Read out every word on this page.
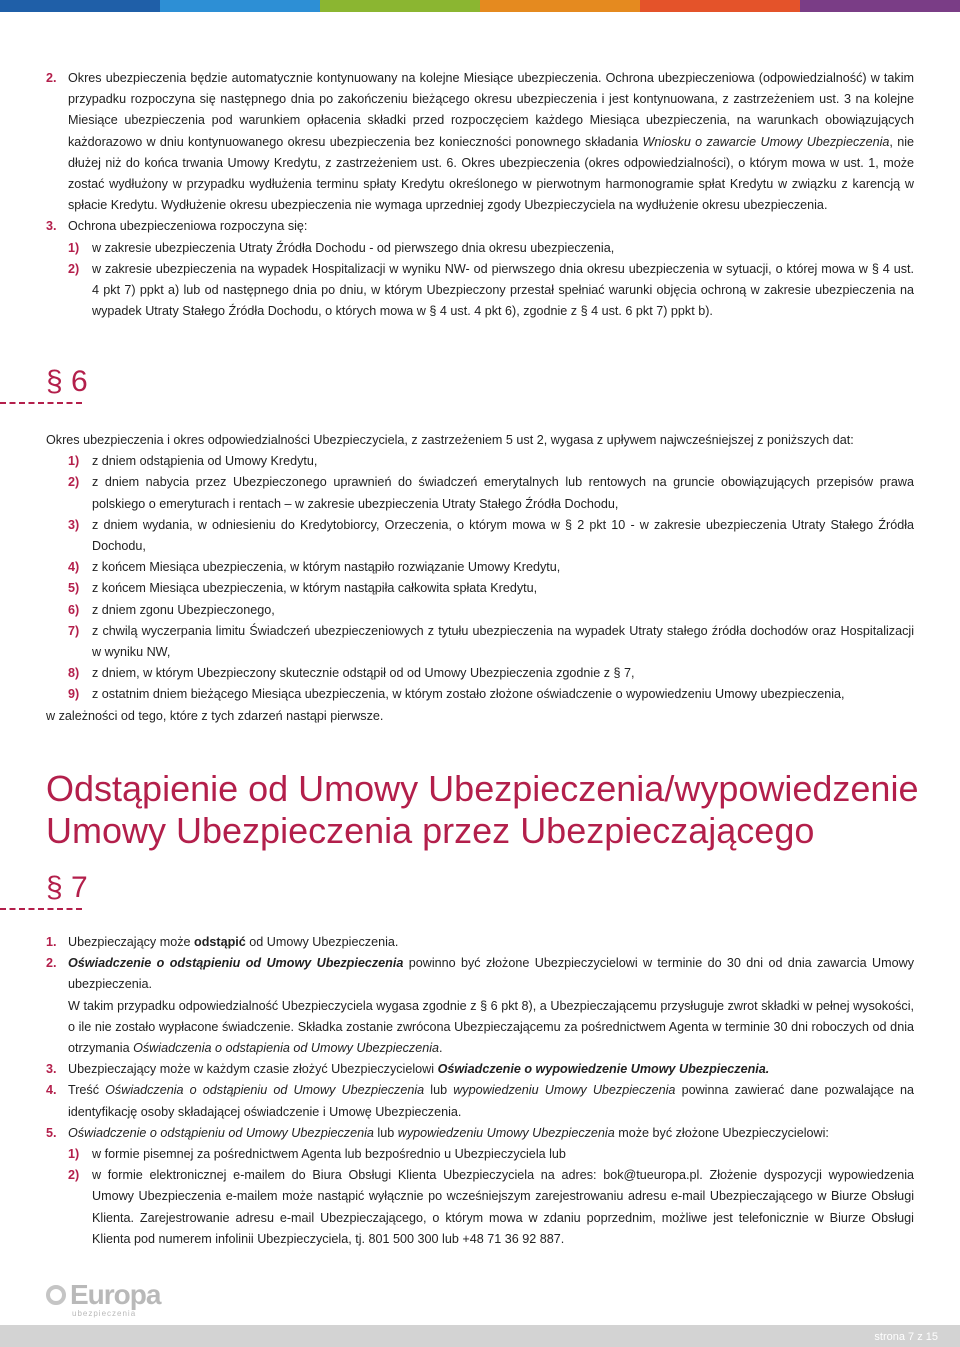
2. Okres ubezpieczenia będzie automatycznie kontynuowany na kolejne Miesiące ubezpieczenia. Ochrona ubezpieczeniowa (odpowiedzialność) w takim przypadku rozpoczyna się następnego dnia po zakończeniu bieżącego okresu ubezpieczenia i jest kontynuowana, z zastrzeżeniem ust. 3 na kolejne Miesiące ubezpieczenia pod warunkiem opłacenia składki przed rozpoczęciem każdego Miesiąca ubezpieczenia, na warunkach obowiązujących każdorazowo w dniu kontynuowanego okresu ubezpieczenia bez konieczności ponownego składania Wniosku o zawarcie Umowy Ubezpieczenia, nie dłużej niż do końca trwania Umowy Kredytu, z zastrzeżeniem ust. 6. Okres ubezpieczenia (okres odpowiedzialności), o którym mowa w ust. 1, może zostać wydłużony w przypadku wydłużenia terminu spłaty Kredytu określonego w pierwotnym harmonogramie spłat Kredytu w związku z karencją w spłacie Kredytu. Wydłużenie okresu ubezpieczenia nie wymaga uprzedniej zgody Ubezpieczyciela na wydłużenie okresu ubezpieczenia.
3. Ochrona ubezpieczeniowa rozpoczyna się:
1)	w zakresie ubezpieczenia Utraty Źródła Dochodu - od pierwszego dnia okresu ubezpieczenia,
2)	w zakresie ubezpieczenia na wypadek Hospitalizacji w wyniku NW- od pierwszego dnia okresu ubezpieczenia w sytuacji, o której mowa w § 4 ust. 4 pkt 7) ppkt a) lub od następnego dnia po dniu, w którym Ubezpieczony przestał spełniać warunki objęcia ochroną w zakresie ubezpieczenia na wypadek Utraty Stałego Źródła Dochodu, o których mowa w § 4 ust. 4 pkt 6), zgodnie z § 4 ust. 6 pkt 7) ppkt b).
§ 6

Okres ubezpieczenia i okres odpowiedzialności Ubezpieczyciela, z zastrzeżeniem 5 ust 2, wygasa z upływem najwcześniejszej z poniższych dat:

1)	z dniem odstąpienia od Umowy Kredytu,
2)	z dniem nabycia przez Ubezpieczonego uprawnień do świadczeń emerytalnych lub rentowych na gruncie obowiązujących przepisów prawa polskiego o emeryturach i rentach – w zakresie ubezpieczenia Utraty Stałego Źródła Dochodu,
3)	z dniem wydania, w odniesieniu do Kredytobiorcy, Orzeczenia, o którym mowa w § 2 pkt 10 - w zakresie ubezpieczenia Utraty Stałego Źródła Dochodu,
4)	z końcem Miesiąca ubezpieczenia, w którym nastąpiło rozwiązanie Umowy Kredytu,
5)	z końcem Miesiąca ubezpieczenia, w którym nastąpiła całkowita spłata Kredytu,
6)	z dniem zgonu Ubezpieczonego,
7)	z chwilą wyczerpania limitu Świadczeń ubezpieczeniowych z tytułu ubezpieczenia na wypadek Utraty stałego źródła dochodów oraz Hospitalizacji w wyniku NW,
8)	z dniem, w którym Ubezpieczony skutecznie odstąpił od od Umowy Ubezpieczenia zgodnie z § 7,
9)	z ostatnim dniem bieżącego Miesiąca ubezpieczenia, w którym zostało złożone oświadczenie o wypowiedzeniu Umowy ubezpieczenia,

w zależności od tego, które z tych zdarzeń nastąpi pierwsze.

Odstąpienie od Umowy Ubezpieczenia/wypowiedzenie
Umowy Ubezpieczenia przez Ubezpieczającego
§ 7
1. Ubezpieczający może odstąpić od Umowy Ubezpieczenia.
2. Oświadczenie o odstąpieniu od Umowy Ubezpieczenia powinno być złożone Ubezpieczycielowi w terminie do 30 dni od dnia zawarcia Umowy ubezpieczenia.
W takim przypadku odpowiedzialność Ubezpieczyciela wygasa zgodnie z § 6 pkt 8), a Ubezpieczającemu przysługuje zwrot składki w pełnej wysokości, o ile nie zostało wypłacone świadczenie. Składka zostanie zwrócona Ubezpieczającemu za pośrednictwem Agenta w terminie 30 dni roboczych od dnia otrzymania Oświadczenia o odstapienia od Umowy Ubezpieczenia.
3. Ubezpieczający może w każdym czasie złożyć Ubezpieczycielowi Oświadczenie o wypowiedzenie Umowy Ubezpieczenia.
4. Treść Oświadczenia o odstąpieniu od Umowy Ubezpieczenia lub wypowiedzeniu Umowy Ubezpieczenia powinna zawierać dane pozwalające na identyfikację osoby składającej oświadczenie i Umowę Ubezpieczenia.
5. Oświadczenie o odstąpieniu od Umowy Ubezpieczenia lub wypowiedzeniu Umowy Ubezpieczenia może być złożone Ubezpieczycielowi:
1)	w formie pisemnej za pośrednictwem Agenta lub bezpośrednio u Ubezpieczyciela lub
2)	w formie elektronicznej e-mailem do Biura Obsługi Klienta Ubezpieczyciela na adres: bok@tueuropa.pl. Złożenie dyspozycji wypowiedzenia Umowy Ubezpieczenia e-mailem może nastąpić wyłącznie po wcześniejszym zarejestrowaniu adresu e-mail Ubezpieczającego w Biurze Obsługi Klienta. Zarejestrowanie adresu e-mail Ubezpieczającego, o którym mowa w zdaniu poprzednim, możliwe jest telefonicznie w Biurze Obsługi Klienta pod numerem infolinii Ubezpieczyciela, tj. 801 500 300 lub +48 71 36 92 887.
Europa
ubezpieczenia
strona 7 z 15
